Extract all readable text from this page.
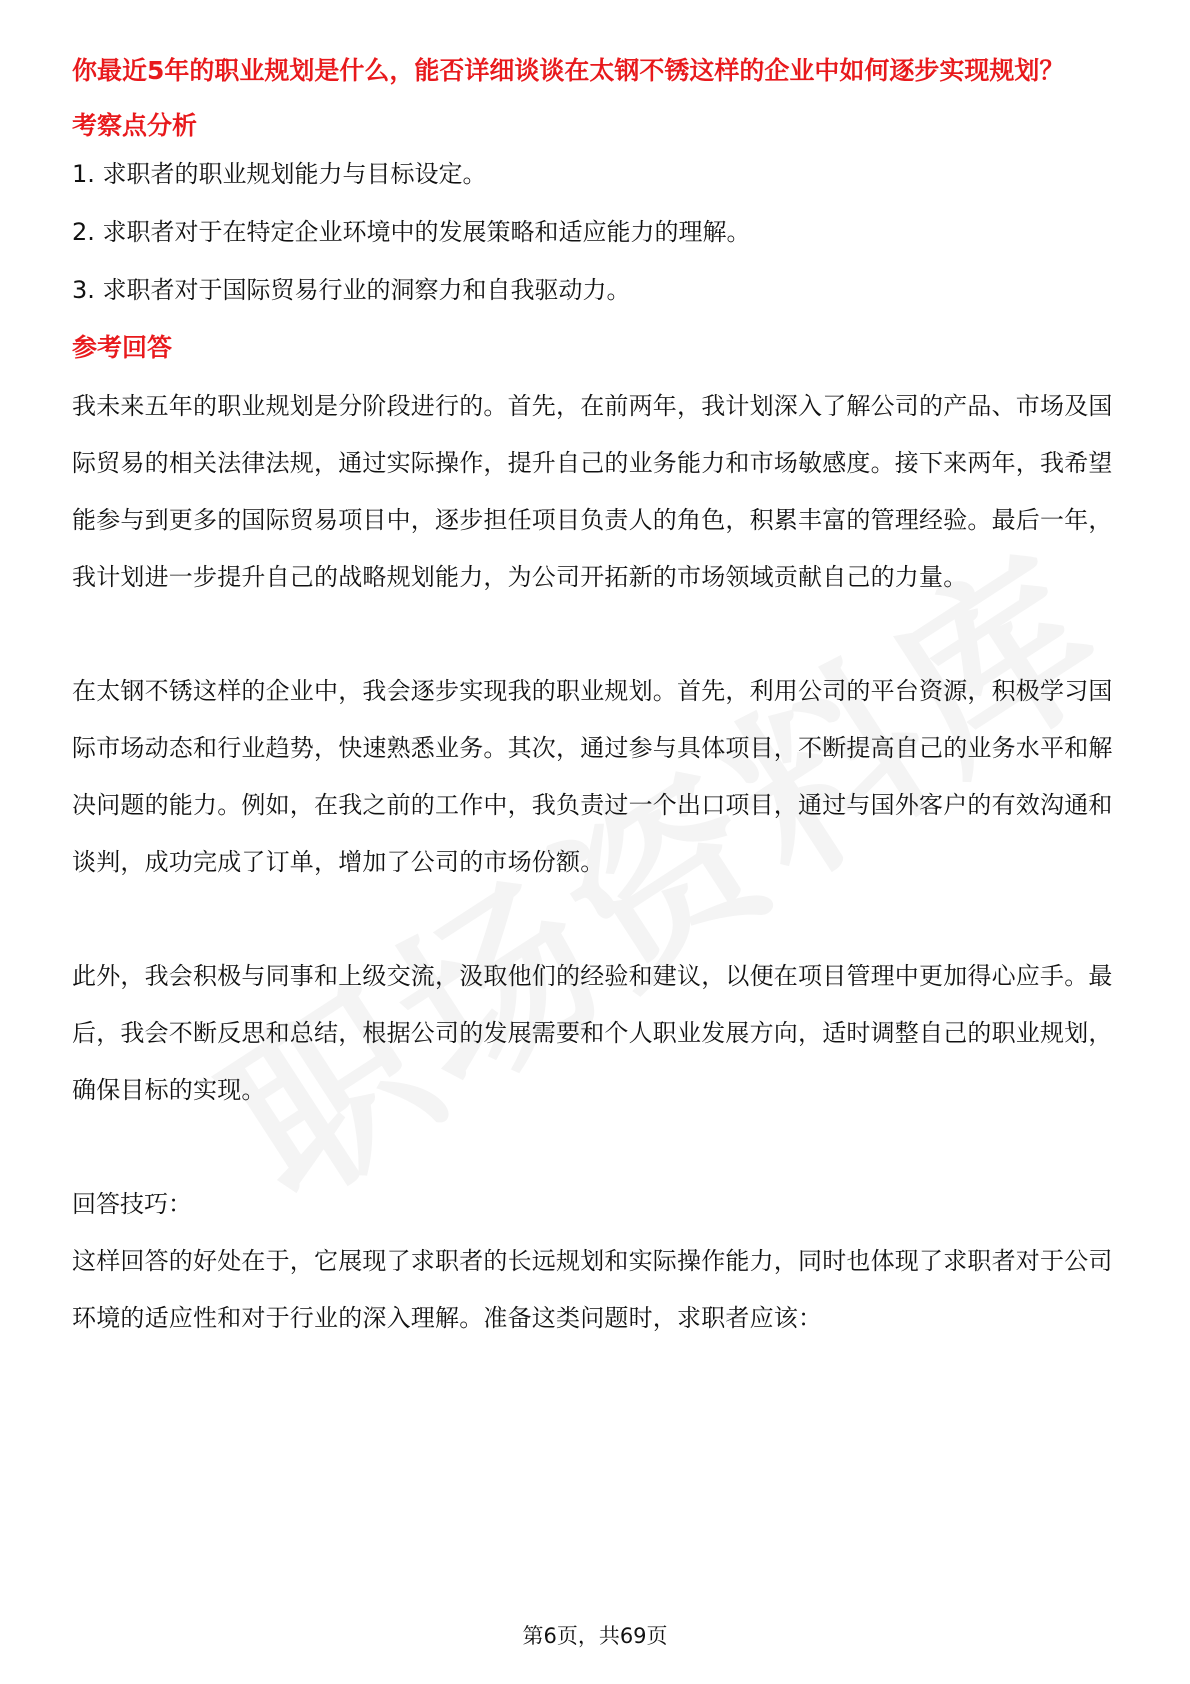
你最近5年的职业规划是什么，能否详细谈谈在太钢不锈这样的企业中如何逐步实现规划？
考察点分析
1. 求职者的职业规划能力与目标设定。
2. 求职者对于在特定企业环境中的发展策略和适应能力的理解。
3. 求职者对于国际贸易行业的洞察力和自我驱动力。
参考回答

我未来五年的职业规划是分阶段进行的。首先，在前两年，我计划深入了解公司的产品、市场及国际贸易的相关法律法规，通过实际操作，提升自己的业务能力和市场敏感度。接下来两年，我希望能参与到更多的国际贸易项目中，逐步担任项目负责人的角色，积累丰富的管理经验。最后一年，我计划进一步提升自己的战略规划能力，为公司开拓新的市场领域贡献自己的力量。

在太钢不锈这样的企业中，我会逐步实现我的职业规划。首先，利用公司的平台资源，积极学习国际市场动态和行业趋势，快速熟悉业务。其次，通过参与具体项目，不断提高自己的业务水平和解决问题的能力。例如，在我之前的工作中，我负责过一个出口项目，通过与国外客户的有效沟通和谈判，成功完成了订单，增加了公司的市场份额。

此外，我会积极与同事和上级交流，汲取他们的经验和建议，以便在项目管理中更加得心应手。最后，我会不断反思和总结，根据公司的发展需要和个人职业发展方向，适时调整自己的职业规划，确保目标的实现。

回答技巧：

这样回答的好处在于，它展现了求职者的长远规划和实际操作能力，同时也体现了求职者对于公司环境的适应性和对于行业的深入理解。准备这类问题时，求职者应该：

第6页，共69页
